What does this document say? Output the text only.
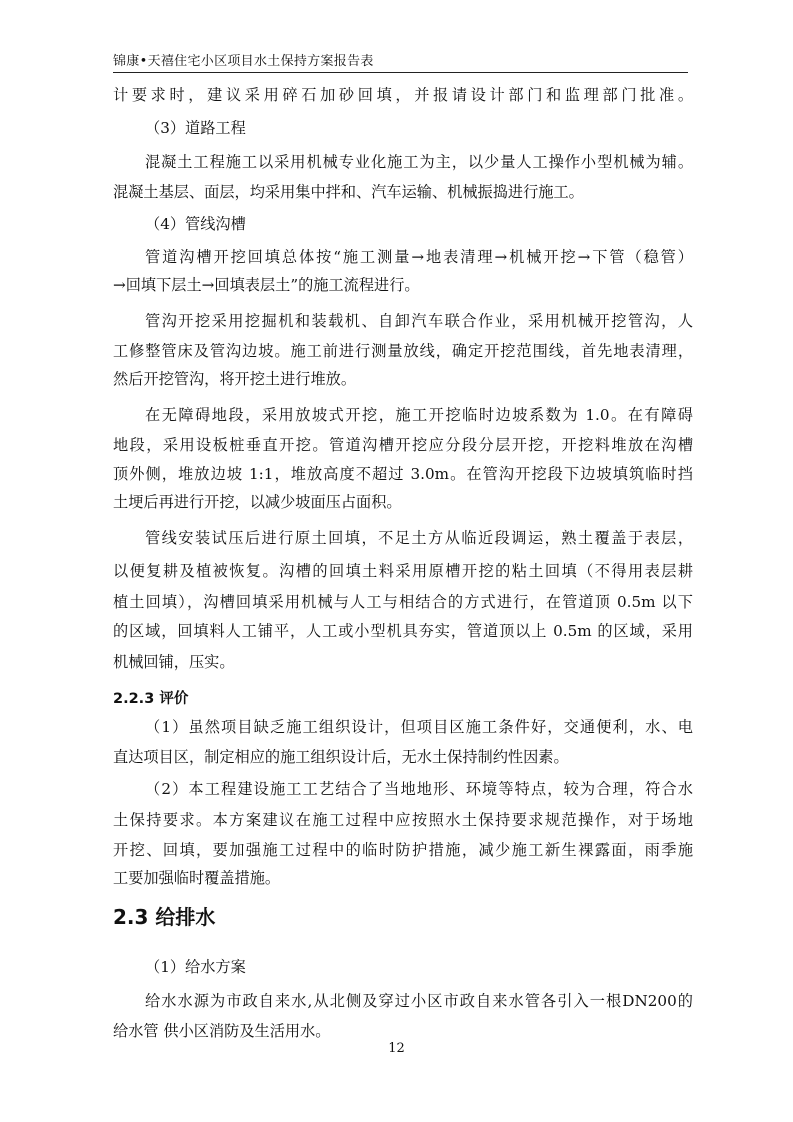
锦康•天禧住宅小区项目水土保持方案报告表
计要求时，建议采用碎石加砂回填，并报请设计部门和监理部门批准。
（3）道路工程
混凝土工程施工以采用机械专业化施工为主，以少量人工操作小型机械为辅。
混凝土基层、面层，均采用集中拌和、汽车运输、机械振捣进行施工。
（4）管线沟槽
管道沟槽开挖回填总体按“施工测量→地表清理→机械开挖→下管（稳管）
→回填下层土→回填表层土”的施工流程进行。
管沟开挖采用挖掘机和装载机、自卸汽车联合作业，采用机械开挖管沟，人
工修整管床及管沟边坡。施工前进行测量放线，确定开挖范围线，首先地表清理，
然后开挖管沟，将开挖土进行堆放。
在无障碍地段，采用放坡式开挖，施工开挖临时边坡系数为 1.0。在有障碍
地段，采用设板桩垂直开挖。管道沟槽开挖应分段分层开挖，开挖料堆放在沟槽
顶外侧，堆放边坡 1:1，堆放高度不超过 3.0m。在管沟开挖段下边坡填筑临时挡
土埂后再进行开挖，以减少坡面压占面积。
管线安装试压后进行原土回填，不足土方从临近段调运，熟土覆盖于表层，
以便复耕及植被恢复。沟槽的回填土料采用原槽开挖的粘土回填（不得用表层耕
植土回填），沟槽回填采用机械与人工与相结合的方式进行，在管道顶 0.5m 以下
的区域，回填料人工铺平，人工或小型机具夯实，管道顶以上 0.5m 的区域，采用
机械回铺，压实。
2.2.3 评价
（1）虽然项目缺乏施工组织设计，但项目区施工条件好，交通便利，水、电
直达项目区，制定相应的施工组织设计后，无水土保持制约性因素。
（2）本工程建设施工工艺结合了当地地形、环境等特点，较为合理，符合水
土保持要求。本方案建议在施工过程中应按照水土保持要求规范操作，对于场地
开挖、回填，要加强施工过程中的临时防护措施，减少施工新生裸露面，雨季施
工要加强临时覆盖措施。
2.3 给排水
（1）给水方案
给水水源为市政自来水,从北侧及穿过小区市政自来水管各引入一根DN200的
给水管 供小区消防及生活用水。
12
